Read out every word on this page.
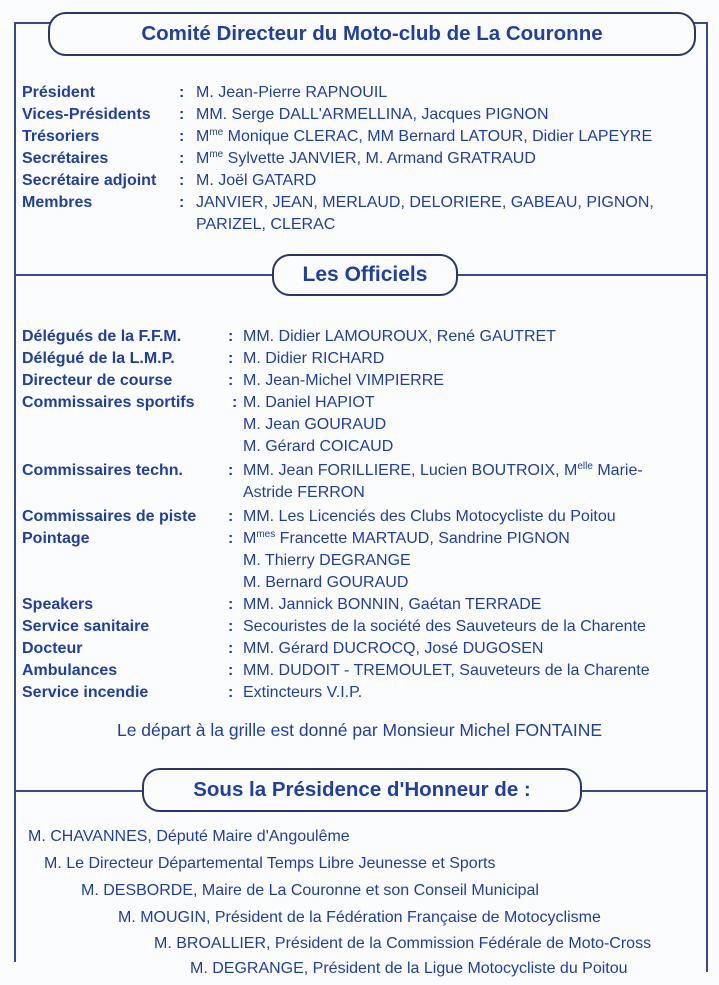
Comité Directeur du Moto-club de La Couronne
Président	: M. Jean-Pierre RAPNOUIL
Vices-Présidents : MM. Serge DALL'ARMELLINA, Jacques PIGNON
Trésoriers	: $M^{me}$ Monique CLERAC, MM Bernard LATOUR, Didier LAPEYRE
Secrétaires	: $M^{me}$ Sylvette JANVIER, M. Armand GRATRAUD
Secrétaire adjoint : M. Joël GATARD
Membres	: JANVIER, JEAN, MERLAUD, DELORIERE, GABEAU, PIGNON,
PARIZEL, CLERAC
Les Officiels
Délégués de la F.F.M.	: MM. Didier LAMOUROUX, René GAUTRET
Délégué de la L.M.P.	: M. Didier RICHARD
Directeur de course	: M. Jean-Michel VIMPIERRE
Commissaires sportifs : M. Daniel HAPIOT
M. Jean GOURAUD
M. Gérard COICAUD
Commissaires techn.	: MM. Jean FORILLIERE, Lucien BOUTROIX, $M^{elle}$ Marie-
Astride FERRON
Commissaires de piste : MM. Les Licenciés des Clubs Motocycliste du Poitou
Pointage	: $M^{mes}$ Francette MARTAUD, Sandrine PIGNON
M. Thierry DEGRANGE
M. Bernard GOURAUD
Speakers	: MM. Jannick BONNIN, Gaétan TERRADE
Service sanitaire	: Secouristes de la société des Sauveteurs de la Charente
Docteur	: MM. Gérard DUCROCQ, José DUGOSEN
Ambulances	: MM. DUDOIT - TREMOULET, Sauveteurs de la Charente
Service incendie	: Extincteurs V.I.P.
Le départ à la grille est donné par Monsieur Michel FONTAINE
Sous la Présidence d'Honneur de :
M. CHAVANNES, Député Maire d'Angoulême
M. Le Directeur Départemental Temps Libre Jeunesse et Sports
M. DESBORDE, Maire de La Couronne et son Conseil Municipal
M. MOUGIN, Président de la Fédération Française de Motocyclisme
M. BROALLIER, Président de la Commission Fédérale de Moto-Cross
M. DEGRANGE, Président de la Ligue Motocycliste du Poitou
